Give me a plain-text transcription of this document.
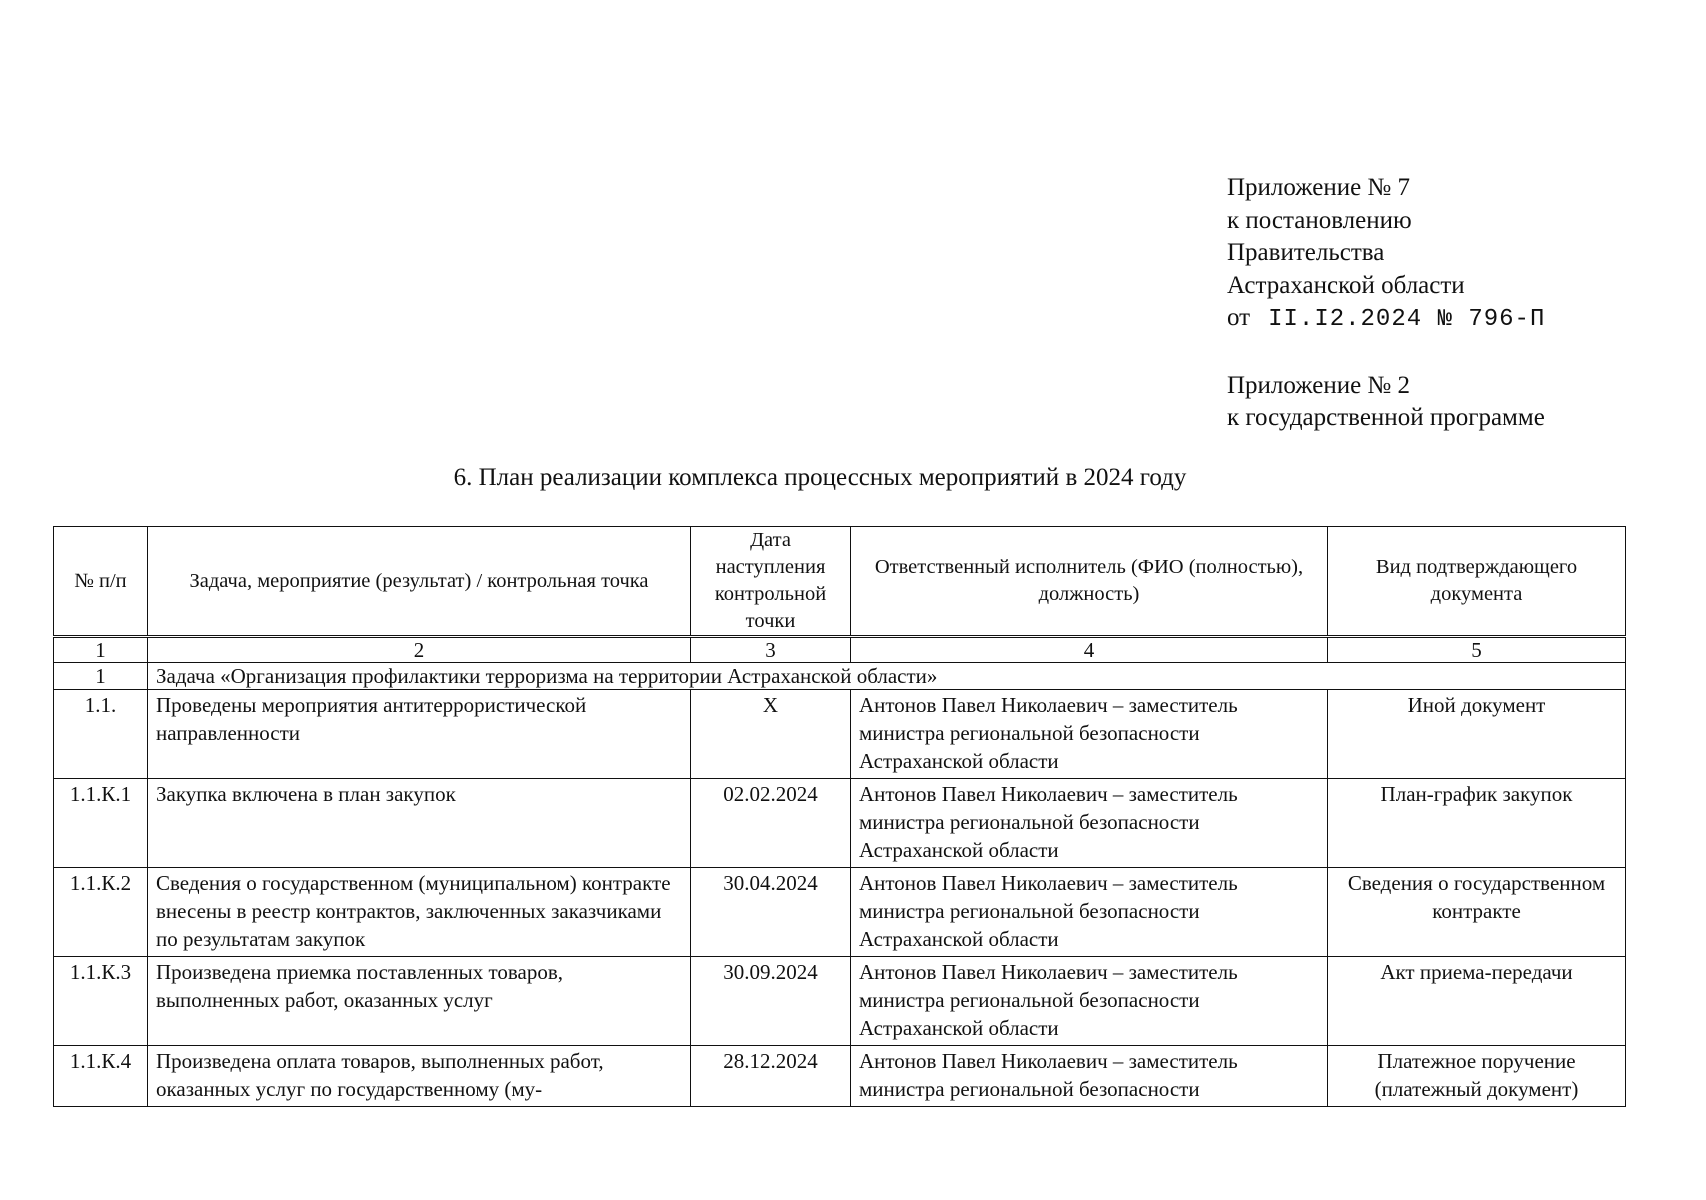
Приложение № 7
к постановлению
Правительства
Астраханской области
от II.I2.2024 № 796-П
Приложение № 2
к государственной программе
6. План реализации комплекса процессных мероприятий в 2024 году
№ п/п	Задача, мероприятие (результат) / контрольная точка	Дата наступления контрольной точки	Ответственный исполнитель (ФИО (полностью), должность)	Вид подтверждающего документа
1	2	3	4	5
1	Задача «Организация профилактики терроризма на территории Астраханской области»			
1.1.	Проведены мероприятия антитеррористической направленности	X	Антонов Павел Николаевич – заместитель министра региональной безопасности Астраханской области	Иной документ
1.1.К.1	Закупка включена в план закупок	02.02.2024	Антонов Павел Николаевич – заместитель министра региональной безопасности Астраханской области	План-график закупок
1.1.К.2	Сведения о государственном (муниципальном) контракте внесены в реестр контрактов, заключенных заказчиками по результатам закупок	30.04.2024	Антонов Павел Николаевич – заместитель министра региональной безопасности Астраханской области	Сведения о государственном контракте
1.1.К.3	Произведена приемка поставленных товаров, выполненных работ, оказанных услуг	30.09.2024	Антонов Павел Николаевич – заместитель министра региональной безопасности Астраханской области	Акт приема-передачи
1.1.К.4	Произведена оплата товаров, выполненных работ, оказанных услуг по государственному (му-	28.12.2024	Антонов Павел Николаевич – заместитель министра региональной безопасности	Платежное поручение (платежный документ)
